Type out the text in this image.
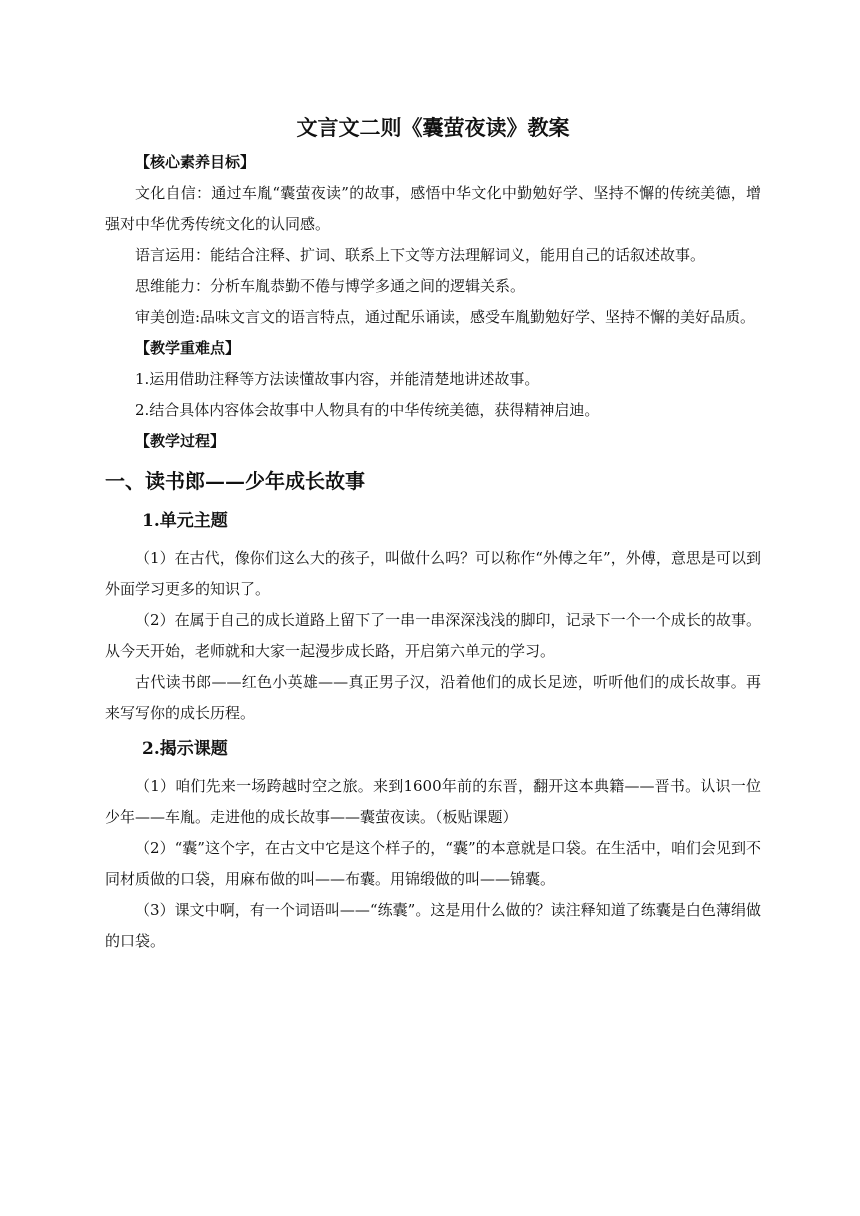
文言文二则《囊萤夜读》教案
【核心素养目标】

文化自信：通过车胤“囊萤夜读”的故事，感悟中华文化中勤勉好学、坚持不懈的传统美德，增强对中华优秀传统文化的认同感。

语言运用：能结合注释、扩词、联系上下文等方法理解词义，能用自己的话叙述故事。

思维能力：分析车胤恭勤不倦与博学多通之间的逻辑关系。

审美创造:品味文言文的语言特点，通过配乐诵读，感受车胤勤勉好学、坚持不懈的美好品质。

【教学重难点】

1.运用借助注释等方法读懂故事内容，并能清楚地讲述故事。

2.结合具体内容体会故事中人物具有的中华传统美德，获得精神启迪。

【教学过程】
一、读书郎——少年成长故事
1.单元主题

（1）在古代，像你们这么大的孩子，叫做什么吗？可以称作“外傅之年”，外傅，意思是可以到外面学习更多的知识了。

（2）在属于自己的成长道路上留下了一串一串深深浅浅的脚印，记录下一个一个成长的故事。从今天开始，老师就和大家一起漫步成长路，开启第六单元的学习。

古代读书郎——红色小英雄——真正男子汉，沿着他们的成长足迹，听听他们的成长故事。再来写写你的成长历程。

2.揭示课题

（1）咱们先来一场跨越时空之旅。来到1600年前的东晋，翻开这本典籍——晋书。认识一位少年——车胤。走进他的成长故事——囊萤夜读。（板贴课题）

（2）“囊”这个字，在古文中它是这个样子的，“囊”的本意就是口袋。在生活中，咱们会见到不同材质做的口袋，用麻布做的叫——布囊。用锦缎做的叫——锦囊。

（3）课文中啊，有一个词语叫——“练囊”。这是用什么做的？读注释知道了练囊是白色薄绢做的口袋。
